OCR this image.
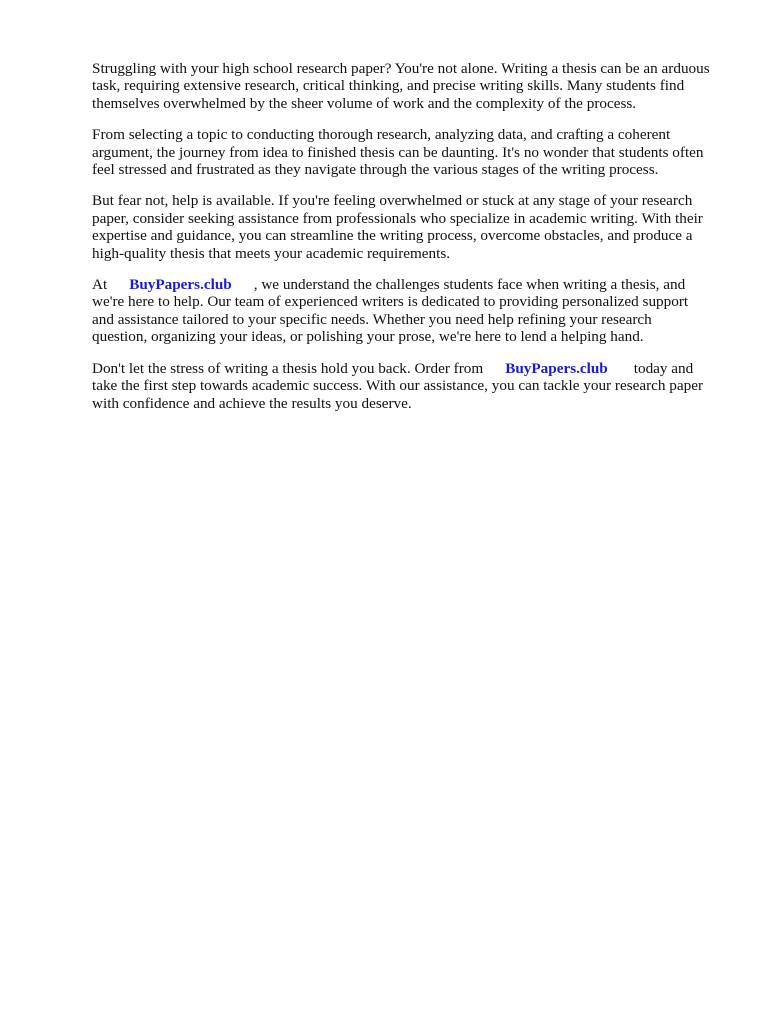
Struggling with your high school research paper? You're not alone. Writing a thesis can be an arduous
task, requiring extensive research, critical thinking, and precise writing skills. Many students find
themselves overwhelmed by the sheer volume of work and the complexity of the process.

From selecting a topic to conducting thorough research, analyzing data, and crafting a coherent
argument, the journey from idea to finished thesis can be daunting. It's no wonder that students often
feel stressed and frustrated as they navigate through the various stages of the writing process.

But fear not, help is available. If you're feeling overwhelmed or stuck at any stage of your research
paper, consider seeking assistance from professionals who specialize in academic writing. With their
expertise and guidance, you can streamline the writing process, overcome obstacles, and produce a
high-quality thesis that meets your academic requirements.

At BuyPapers.club , we understand the challenges students face when writing a thesis, and
we're here to help. Our team of experienced writers is dedicated to providing personalized support
and assistance tailored to your specific needs. Whether you need help refining your research
question, organizing your ideas, or polishing your prose, we're here to lend a helping hand.

Don't let the stress of writing a thesis hold you back. Order from BuyPapers.club today and
take the first step towards academic success. With our assistance, you can tackle your research paper
with confidence and achieve the results you deserve.
